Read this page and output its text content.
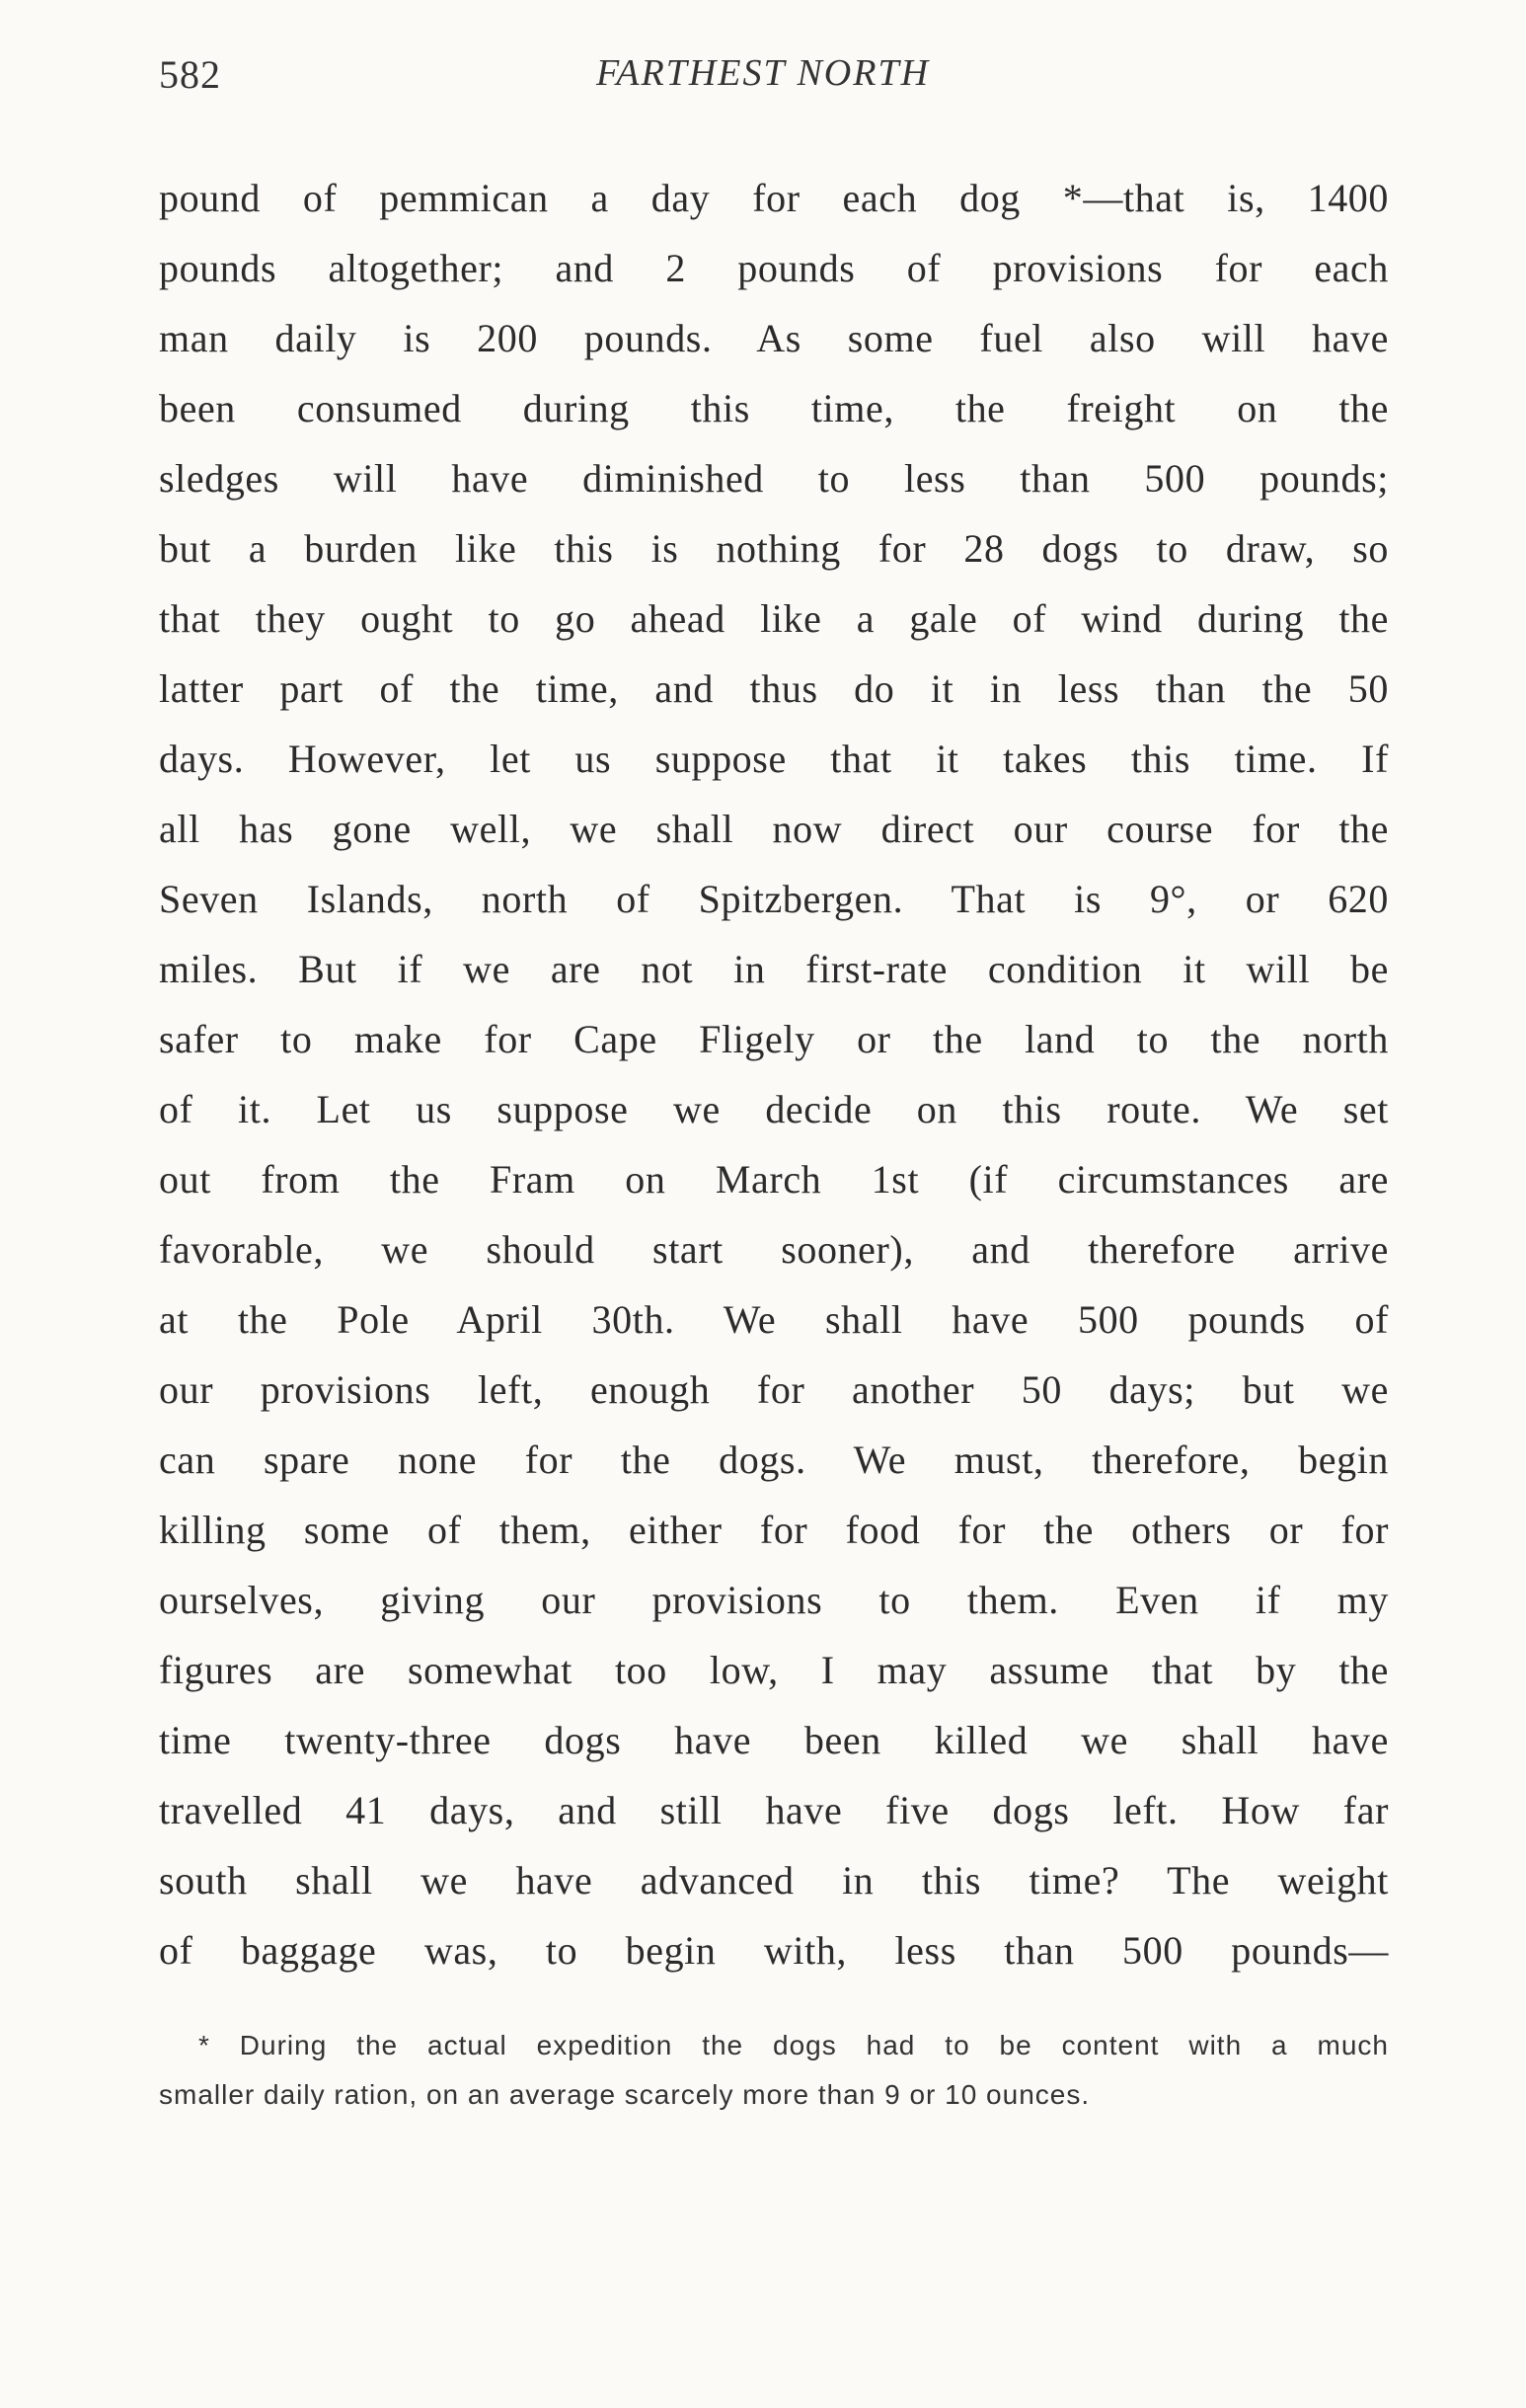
582	FARTHEST NORTH
pound of pemmican a day for each dog *—that is, 1400
pounds altogether; and 2 pounds of provisions for each
man daily is 200 pounds. As some fuel also will have
been consumed during this time, the freight on the
sledges will have diminished to less than 500 pounds;
but a burden like this is nothing for 28 dogs to draw, so
that they ought to go ahead like a gale of wind during the
latter part of the time, and thus do it in less than the 50
days. However, let us suppose that it takes this time. If
all has gone well, we shall now direct our course for the
Seven Islands, north of Spitzbergen. That is 9°, or 620
miles. But if we are not in first-rate condition it will be
safer to make for Cape Fligely or the land to the north
of it. Let us suppose we decide on this route. We set
out from the Fram on March 1st (if circumstances are
favorable, we should start sooner), and therefore arrive
at the Pole April 30th. We shall have 500 pounds of
our provisions left, enough for another 50 days; but we
can spare none for the dogs. We must, therefore, begin
killing some of them, either for food for the others or for
ourselves, giving our provisions to them. Even if my
figures are somewhat too low, I may assume that by the
time twenty-three dogs have been killed we shall have
travelled 41 days, and still have five dogs left. How far
south shall we have advanced in this time? The weight
of baggage was, to begin with, less than 500 pounds—
* During the actual expedition the dogs had to be content with a much
smaller daily ration, on an average scarcely more than 9 or 10 ounces.
